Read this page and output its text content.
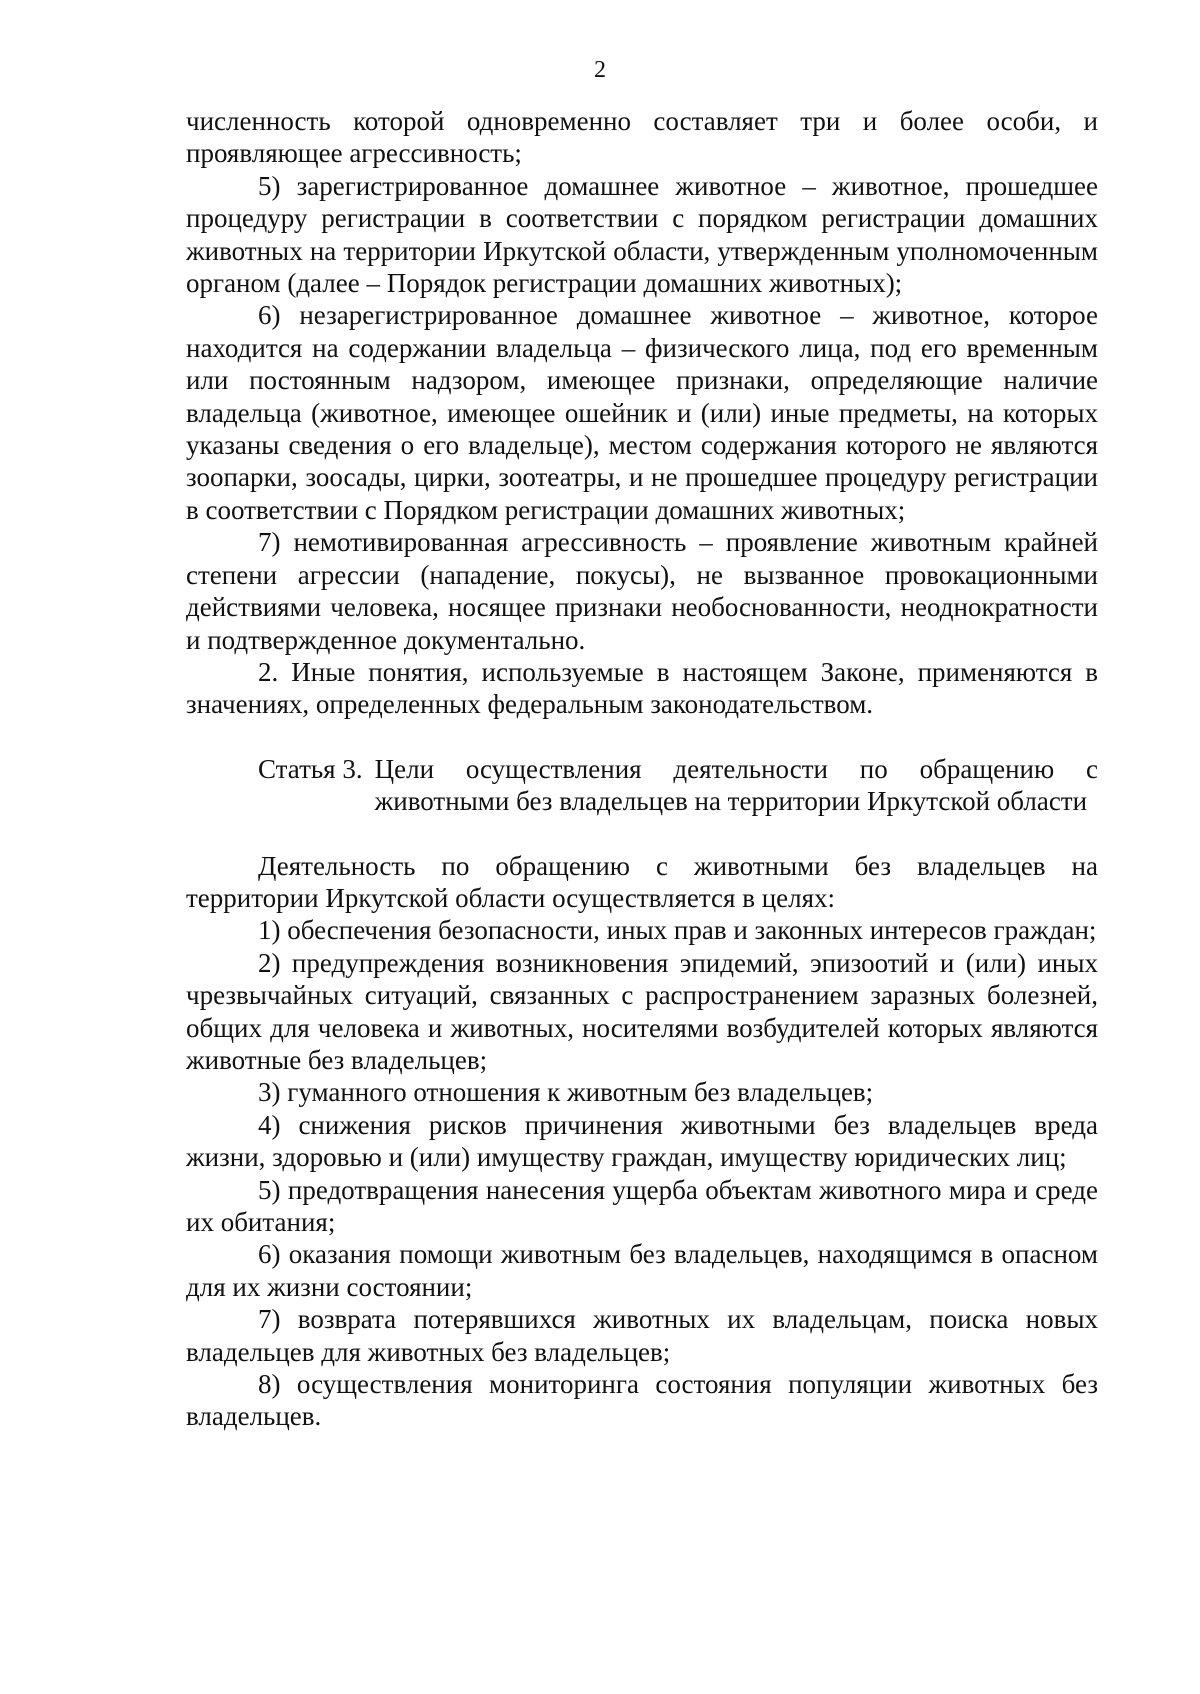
2

численность которой одновременно составляет три и более особи, и проявляющее агрессивность;

5) зарегистрированное домашнее животное – животное, прошедшее процедуру регистрации в соответствии с порядком регистрации домашних животных на территории Иркутской области, утвержденным уполномоченным органом (далее – Порядок регистрации домашних животных);

6) незарегистрированное домашнее животное – животное, которое находится на содержании владельца – физического лица, под его временным или постоянным надзором, имеющее признаки, определяющие наличие владельца (животное, имеющее ошейник и (или) иные предметы, на которых указаны сведения о его владельце), местом содержания которого не являются зоопарки, зоосады, цирки, зоотеатры, и не прошедшее процедуру регистрации в соответствии с Порядком регистрации домашних животных;

7) немотивированная агрессивность – проявление животным крайней степени агрессии (нападение, покусы), не вызванное провокационными действиями человека, носящее признаки необоснованности, неоднократности и подтвержденное документально.

2. Иные понятия, используемые в настоящем Законе, применяются в значениях, определенных федеральным законодательством.

Статья 3. Цели осуществления деятельности по обращению с животными без владельцев на территории Иркутской области

Деятельность по обращению с животными без владельцев на территории Иркутской области осуществляется в целях:

1) обеспечения безопасности, иных прав и законных интересов граждан;

2) предупреждения возникновения эпидемий, эпизоотий и (или) иных чрезвычайных ситуаций, связанных с распространением заразных болезней, общих для человека и животных, носителями возбудителей которых являются животные без владельцев;

3) гуманного отношения к животным без владельцев;

4) снижения рисков причинения животными без владельцев вреда жизни, здоровью и (или) имуществу граждан, имуществу юридических лиц;

5) предотвращения нанесения ущерба объектам животного мира и среде их обитания;

6) оказания помощи животным без владельцев, находящимся в опасном для их жизни состоянии;

7) возврата потерявшихся животных их владельцам, поиска новых владельцев для животных без владельцев;

8) осуществления мониторинга состояния популяции животных без владельцев.
